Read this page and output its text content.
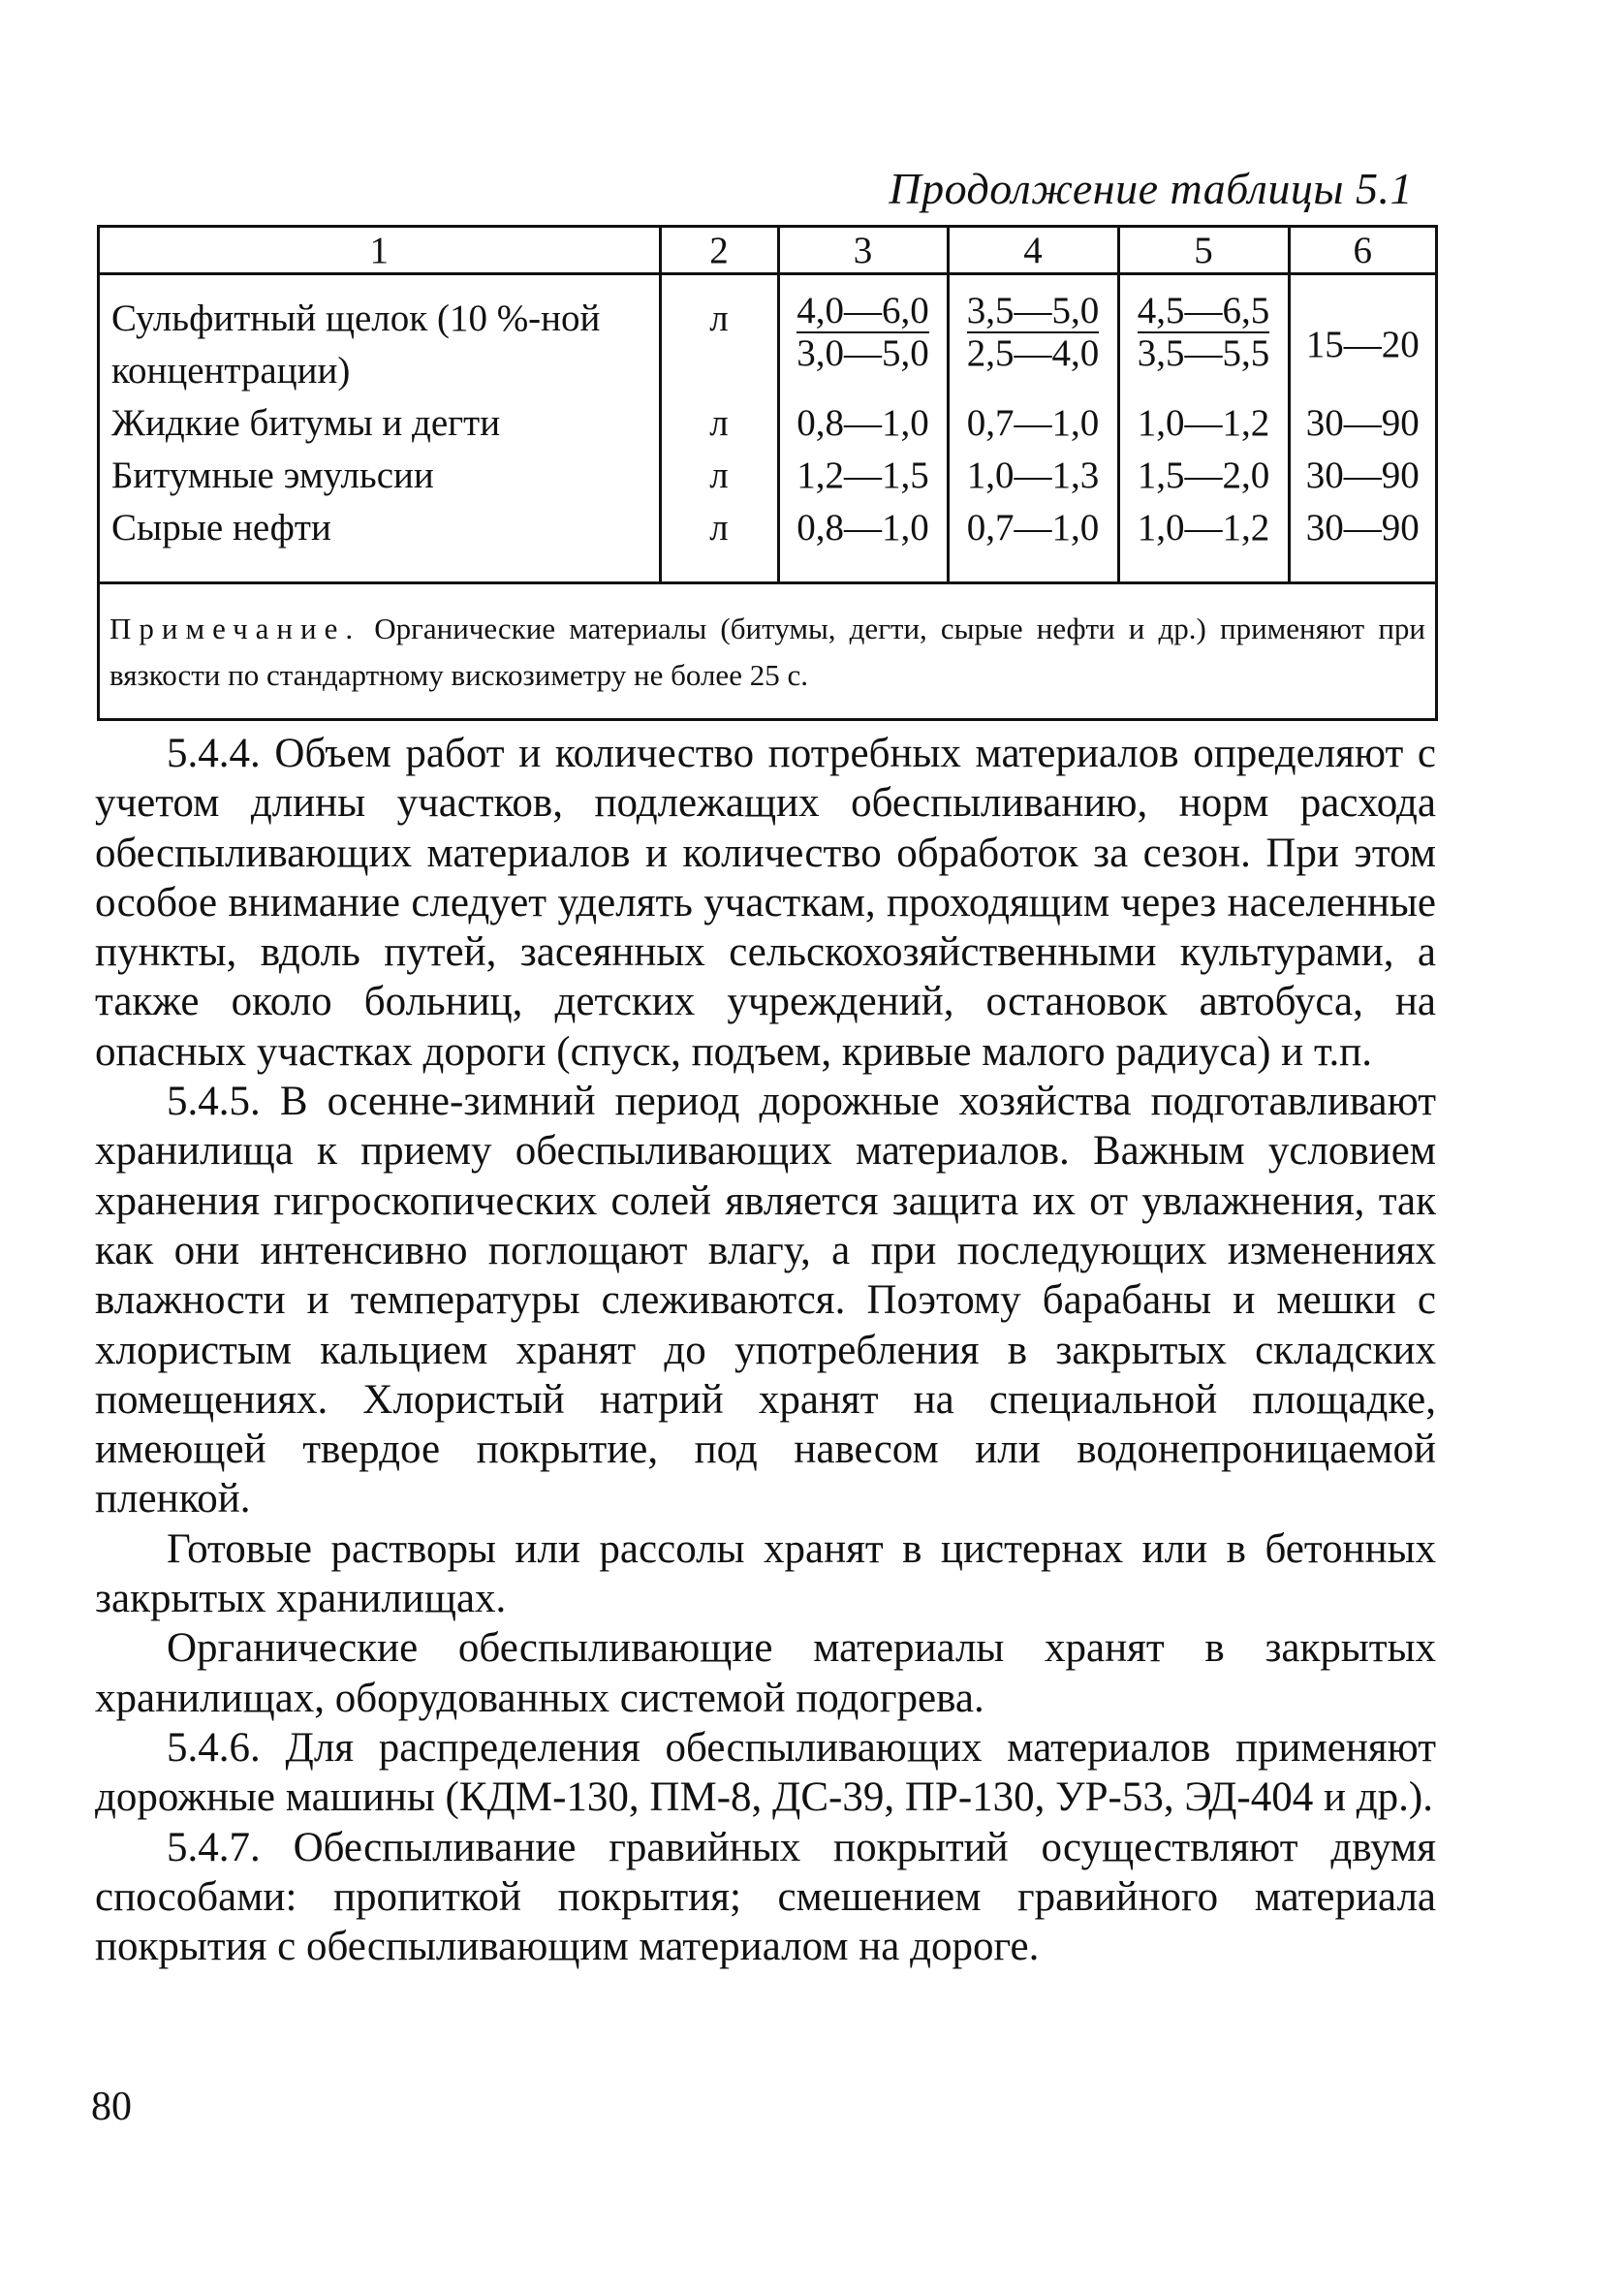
Продолжение таблицы 5.1
1	2	3	4	5	6
Сульфитный щелок (10 %-ной концентрации)	л	$\frac{4,0—6,0}{3,0—5,0}$	$\frac{3,5—5,0}{2,5—4,0}$	$\frac{4,5—6,5}{3,5—5,5}$	15—20
Жидкие битумы и дегти	л	0,8—1,0	0,7—1,0	1,0—1,2	30—90
Битумные эмульсии	л	1,2—1,5	1,0—1,3	1,5—2,0	30—90
Сырые нефти	л	0,8—1,0	0,7—1,0	1,0—1,2	30—90
Примечание. Органические материалы (битумы, дегти, сырые нефти и др.) применяют при вязкости по стандартному вискозиметру не более 25 с.

5.4.4. Объем работ и количество потребных материалов определяют с учетом длины участков, подлежащих обеспыливанию, норм расхода обеспыливающих материалов и количество обработок за сезон. При этом особое внимание следует уделять участкам, проходящим через населенные пункты, вдоль путей, засеянных сельскохозяйственными культурами, а также около больниц, детских учреждений, остановок автобуса, на опасных участках дороги (спуск, подъем, кривые малого радиуса) и т.п.

5.4.5. В осенне-зимний период дорожные хозяйства подготавливают хранилища к приему обеспыливающих материалов. Важным условием хранения гигроскопических солей является защита их от увлажнения, так как они интенсивно поглощают влагу, а при последующих изменениях влажности и температуры слеживаются. Поэтому барабаны и мешки с хлористым кальцием хранят до употребления в закрытых складских помещениях. Хлористый натрий хранят на специальной площадке, имеющей твердое покрытие, под навесом или водонепроницаемой пленкой.

Готовые растворы или рассолы хранят в цистернах или в бетонных закрытых хранилищах.

Органические обеспыливающие материалы хранят в закрытых хранилищах, оборудованных системой подогрева.

5.4.6. Для распределения обеспыливающих материалов применяют дорожные машины (КДМ-130, ПМ-8, ДС-39, ПР-130, УР-53, ЭД-404 и др.).

5.4.7. Обеспыливание гравийных покрытий осуществляют двумя способами: пропиткой покрытия; смешением гравийного материала покрытия с обеспыливающим материалом на дороге.

80
